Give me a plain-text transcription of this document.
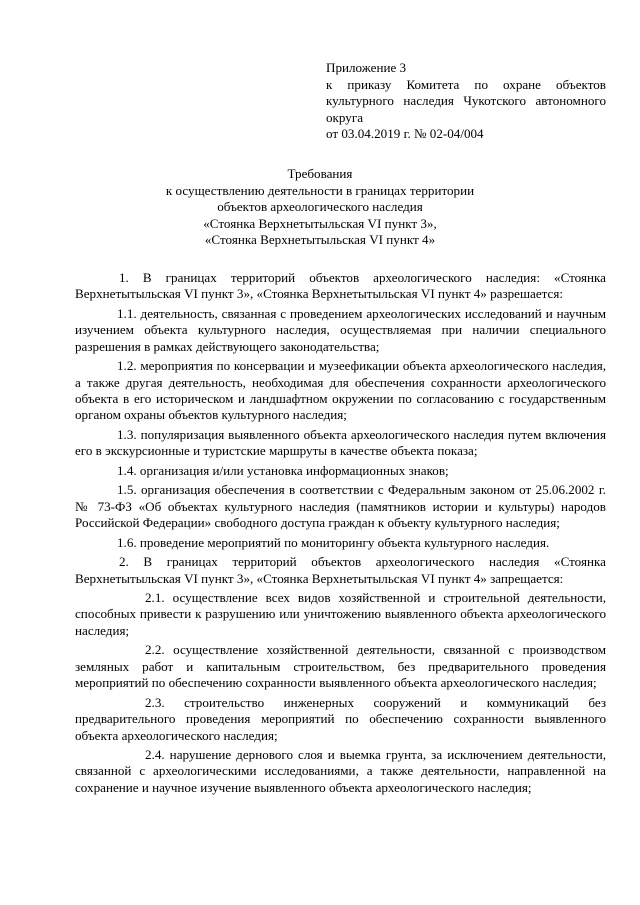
Приложение 3
к приказу Комитета по охране объектов культурного наследия Чукотского автономного
округа
от 03.04.2019 г. № 02-04/004
Требования
к осуществлению деятельности в границах территории
объектов археологического наследия
«Стоянка Верхнетытыльская VI пункт 3»,
«Стоянка Верхнетытыльская VI пункт 4»

1. В границах территорий объектов археологического наследия: «Стоянка Верхнетытыльская VI пункт 3», «Стоянка Верхнетытыльская VI пункт 4» разрешается:

1.1. деятельность, связанная с проведением археологических исследований и научным изучением объекта культурного наследия, осуществляемая при наличии специального разрешения в рамках действующего законодательства;

1.2. мероприятия по консервации и музеефикации объекта археологического наследия, а также другая деятельность, необходимая для обеспечения сохранности археологического объекта в его историческом и ландшафтном окружении по согласованию с государственным органом охраны объектов культурного наследия;

1.3. популяризация выявленного объекта археологического наследия путем включения его в экскурсионные и туристские маршруты в качестве объекта показа;

1.4. организация и/или установка информационных знаков;

1.5. организация обеспечения в соответствии с Федеральным законом от 25.06.2002 г. № 73-ФЗ «Об объектах культурного наследия (памятников истории и культуры) народов Российской Федерации» свободного доступа граждан к объекту культурного наследия;

1.6. проведение мероприятий по мониторингу объекта культурного наследия.

2. В границах территорий объектов археологического наследия «Стоянка Верхнетытыльская VI пункт 3», «Стоянка Верхнетытыльская VI пункт 4» запрещается:

2.1. осуществление всех видов хозяйственной и строительной деятельности, способных привести к разрушению или уничтожению выявленного объекта археологического наследия;

2.2. осуществление хозяйственной деятельности, связанной с производством земляных работ и капитальным строительством, без предварительного проведения мероприятий по обеспечению сохранности выявленного объекта археологического наследия;

2.3. строительство инженерных сооружений и коммуникаций без предварительного проведения мероприятий по обеспечению сохранности выявленного объекта археологического наследия;

2.4. нарушение дернового слоя и выемка грунта, за исключением деятельности, связанной с археологическими исследованиями, а также деятельности, направленной на сохранение и научное изучение выявленного объекта археологического наследия;
